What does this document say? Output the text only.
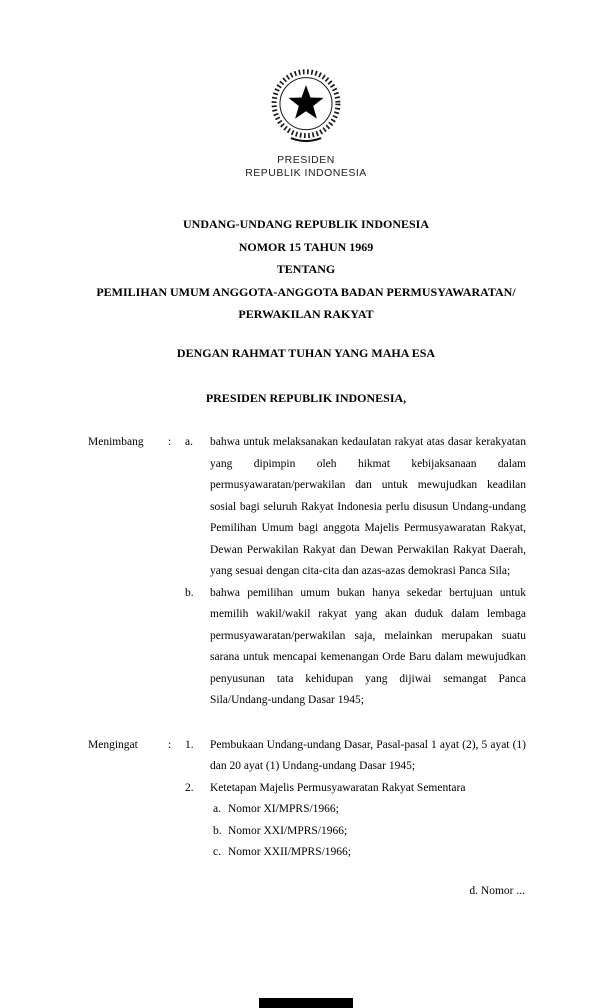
PRESIDEN
REPUBLIK INDONESIA
UNDANG-UNDANG REPUBLIK INDONESIA
NOMOR 15 TAHUN 1969
TENTANG
PEMILIHAN UMUM ANGGOTA-ANGGOTA BADAN PERMUSYAWARATAN/
PERWAKILAN RAKYAT
DENGAN RAHMAT TUHAN YANG MAHA ESA
PRESIDEN REPUBLIK INDONESIA,
Menimbang	:	a.	bahwa untuk melaksanakan kedaulatan rakyat atas dasar kerakyatan yang dipimpin oleh hikmat kebijaksanaan dalam permusyawaratan/perwakilan dan untuk mewujudkan keadilan sosial bagi seluruh Rakyat Indonesia perlu disusun Undang-undang Pemilihan Umum bagi anggota Majelis Permusyawaratan Rakyat, Dewan Perwakilan Rakyat dan Dewan Perwakilan Rakyat Daerah, yang sesuai dengan cita-cita dan azas-azas demokrasi Panca Sila;

b.	bahwa pemilihan umum bukan hanya sekedar bertujuan untuk memilih wakil/wakil rakyat yang akan duduk dalam lembaga permusyawaratan/perwakilan saja, melainkan merupakan suatu sarana untuk mencapai kemenangan Orde Baru dalam mewujudkan penyusunan tata kehidupan yang dijiwai semangat Panca Sila/Undang-undang Dasar 1945;

Mengingat	:	1.	Pembukaan Undang-undang Dasar, Pasal-pasal 1 ayat (2), 5 ayat (1) dan 20 ayat (1) Undang-undang Dasar 1945;

2.	Ketetapan Majelis Permusyawaratan Rakyat Sementara

a. Nomor XI/MPRS/1966;
b. Nomor XXI/MPRS/1966;
c. Nomor XXII/MPRS/1966;
d. Nomor ...
